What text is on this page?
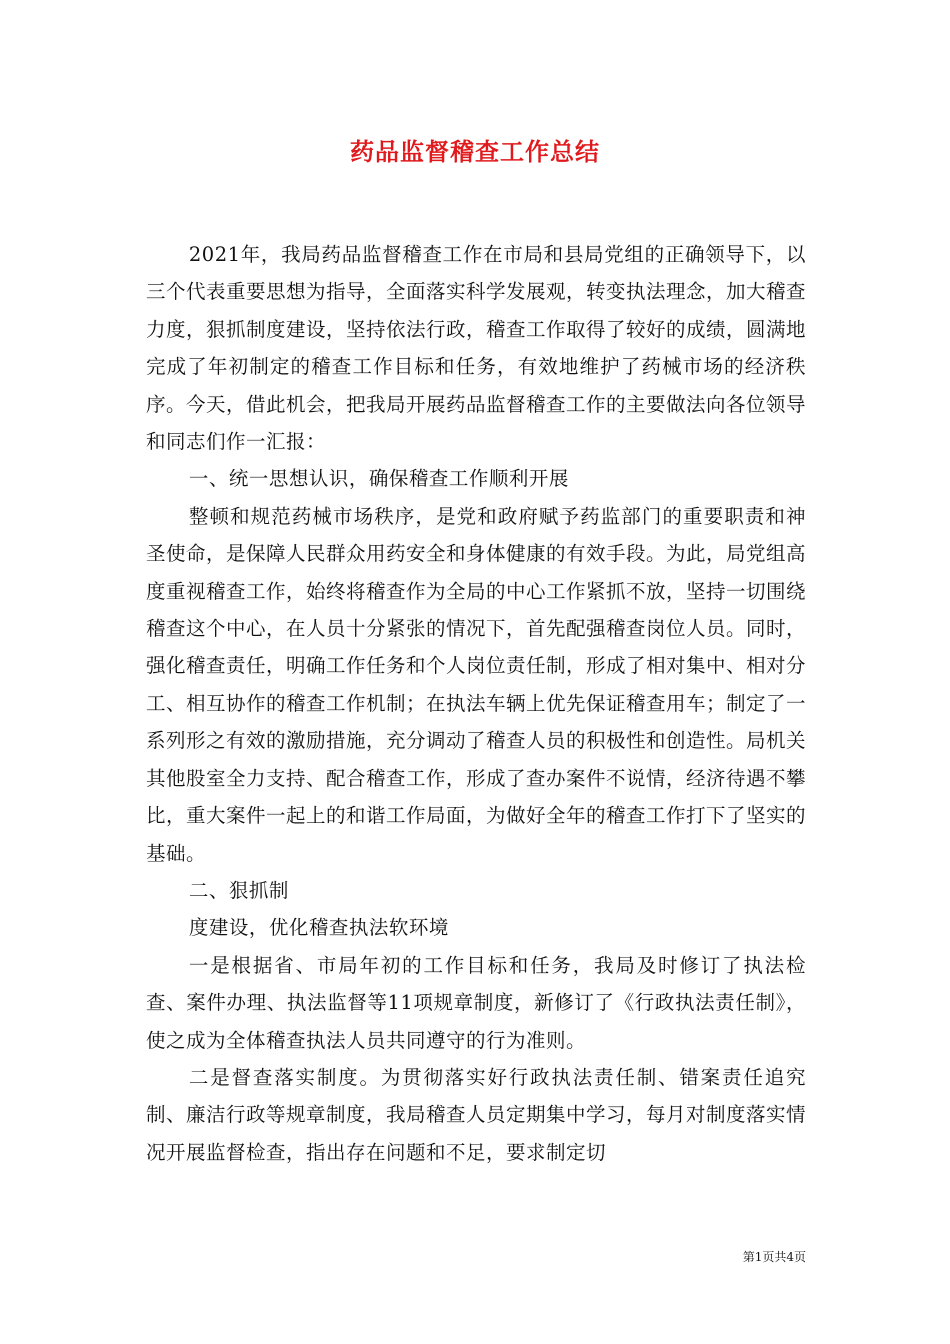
药品监督稽查工作总结

2021年，我局药品监督稽查工作在市局和县局党组的正确领导下，以三个代表重要思想为指导，全面落实科学发展观，转变执法理念，加大稽查力度，狠抓制度建设，坚持依法行政，稽查工作取得了较好的成绩，圆满地完成了年初制定的稽查工作目标和任务，有效地维护了药械市场的经济秩序。今天，借此机会，把我局开展药品监督稽查工作的主要做法向各位领导和同志们作一汇报：

一、统一思想认识，确保稽查工作顺利开展

整顿和规范药械市场秩序，是党和政府赋予药监部门的重要职责和神圣使命，是保障人民群众用药安全和身体健康的有效手段。为此，局党组高度重视稽查工作，始终将稽查作为全局的中心工作紧抓不放，坚持一切围绕稽查这个中心，在人员十分紧张的情况下，首先配强稽查岗位人员。同时，强化稽查责任，明确工作任务和个人岗位责任制，形成了相对集中、相对分工、相互协作的稽查工作机制；在执法车辆上优先保证稽查用车；制定了一系列形之有效的激励措施，充分调动了稽查人员的积极性和创造性。局机关其他股室全力支持、配合稽查工作，形成了查办案件不说情，经济待遇不攀比，重大案件一起上的和谐工作局面，为做好全年的稽查工作打下了坚实的基础。

二、狠抓制

度建设，优化稽查执法软环境

一是根据省、市局年初的工作目标和任务，我局及时修订了执法检查、案件办理、执法监督等11项规章制度，新修订了《行政执法责任制》，使之成为全体稽查执法人员共同遵守的行为准则。

二是督查落实制度。为贯彻落实好行政执法责任制、错案责任追究制、廉洁行政等规章制度，我局稽查人员定期集中学习，每月对制度落实情况开展监督检查，指出存在问题和不足，要求制定切

第1页共4页
